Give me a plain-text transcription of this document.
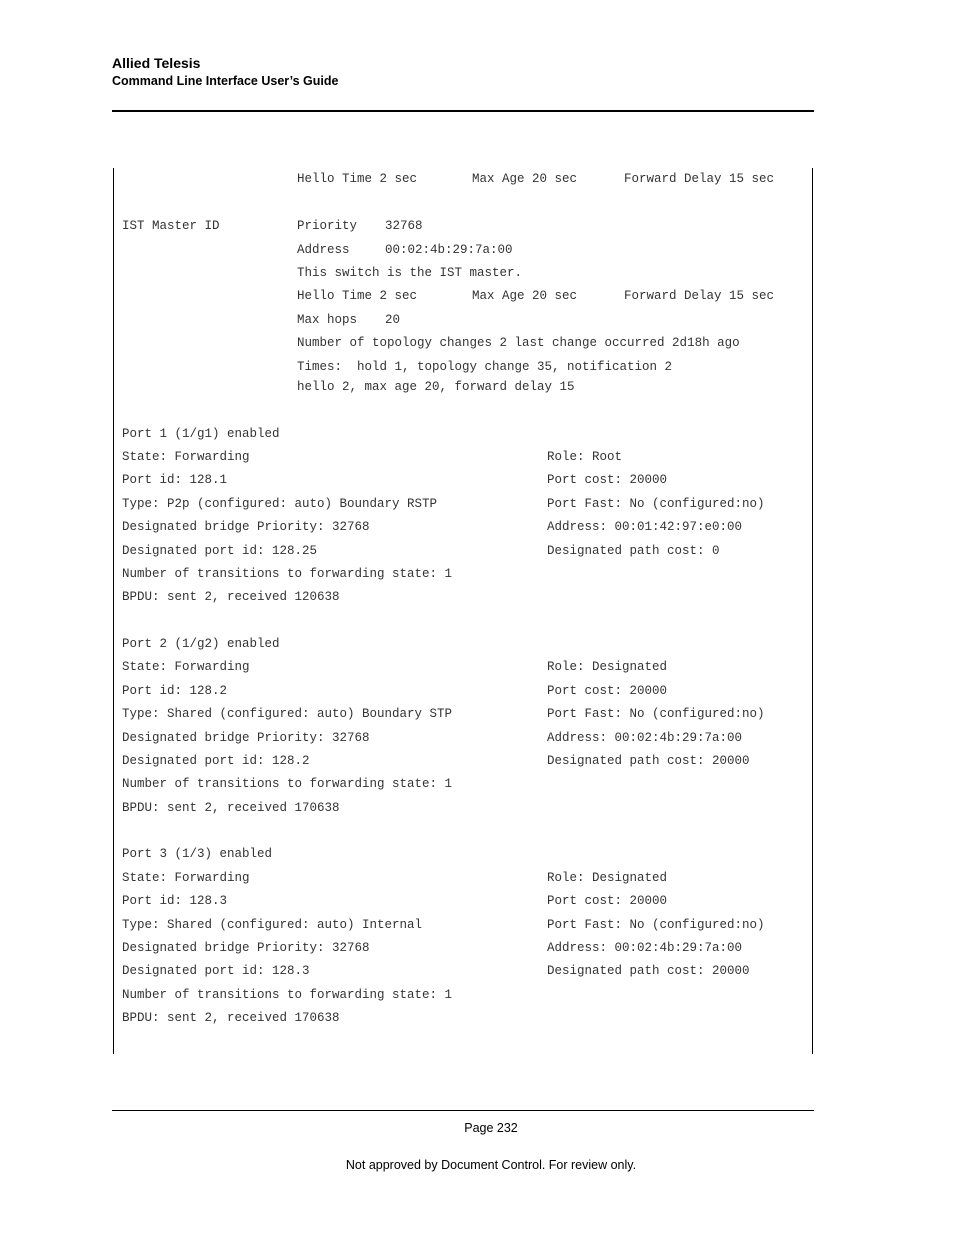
Allied Telesis
Command Line Interface User’s Guide
Hello Time 2 sec	Max Age 20 sec	Forward Delay 15 sec
IST Master ID	Priority 32768
Address	00:02:4b:29:7a:00
This switch is the IST master.
Hello Time 2 sec	Max Age 20 sec	Forward Delay 15 sec
Max hops 20
Number of topology changes 2 last change occurred 2d18h ago
Times:  hold 1, topology change 35, notification 2
hello 2, max age 20, forward delay 15
Port 1 (1/g1) enabled
State: Forwarding	Role: Root
Port id: 128.1	Port cost: 20000
Type: P2p (configured: auto) Boundary RSTP	Port Fast: No (configured:no)
Designated bridge Priority: 32768	Address: 00:01:42:97:e0:00
Designated port id: 128.25	Designated path cost: 0
Number of transitions to forwarding state: 1
BPDU: sent 2, received 120638
Port 2 (1/g2) enabled
State: Forwarding	Role: Designated
Port id: 128.2	Port cost: 20000
Type: Shared (configured: auto) Boundary STP	Port Fast: No (configured:no)
Designated bridge Priority: 32768	Address: 00:02:4b:29:7a:00
Designated port id: 128.2	Designated path cost: 20000
Number of transitions to forwarding state: 1
BPDU: sent 2, received 170638
Port 3 (1/3) enabled
State: Forwarding	Role: Designated
Port id: 128.3	Port cost: 20000
Type: Shared (configured: auto) Internal	Port Fast: No (configured:no)
Designated bridge Priority: 32768	Address: 00:02:4b:29:7a:00
Designated port id: 128.3	Designated path cost: 20000
Number of transitions to forwarding state: 1
BPDU: sent 2, received 170638
Page 232
Not approved by Document Control. For review only.
